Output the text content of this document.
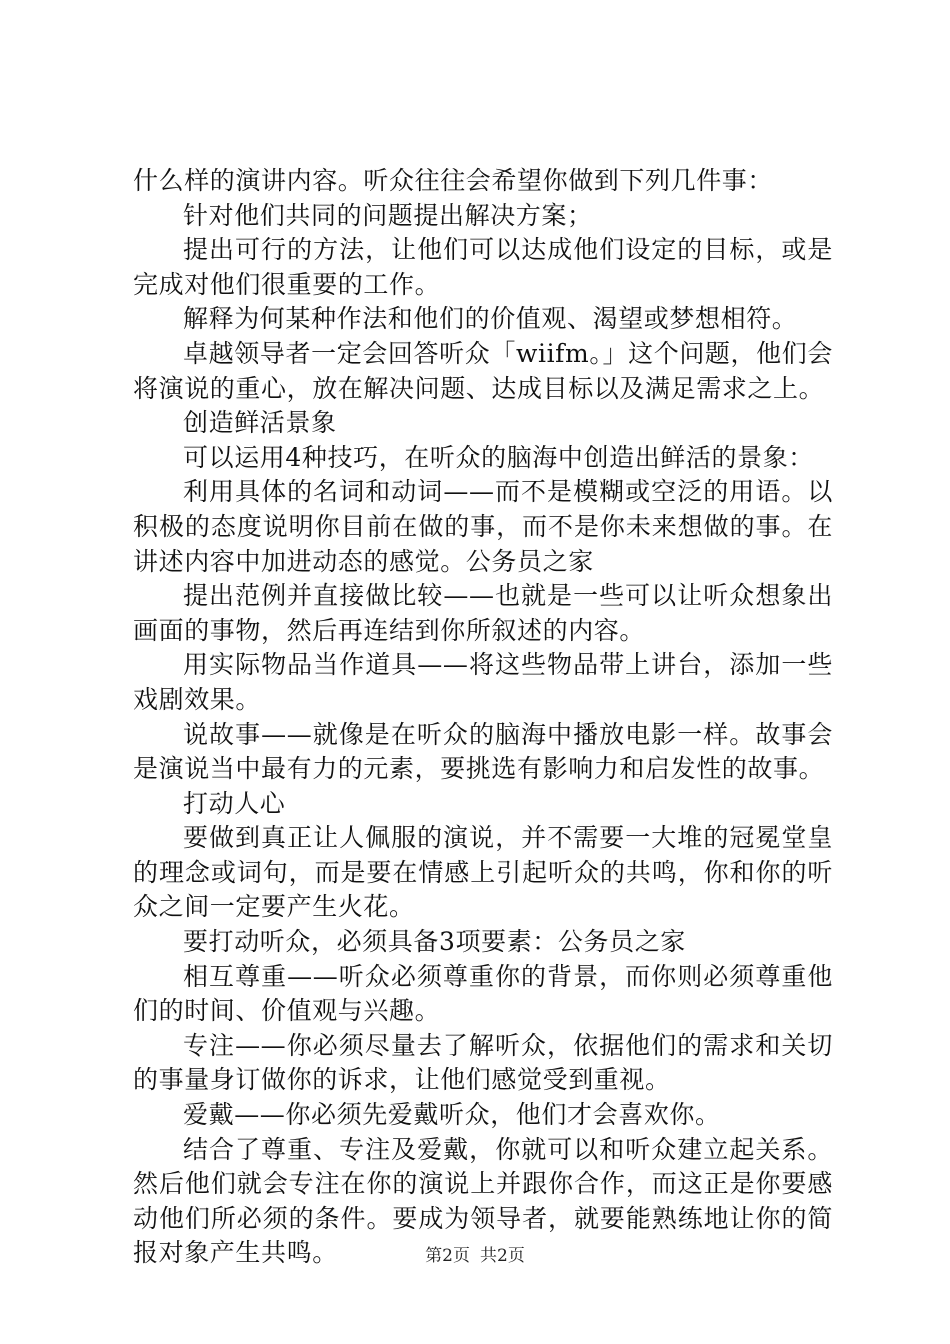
什么样的演讲内容。听众往往会希望你做到下列几件事：

针对他们共同的问题提出解决方案；

提出可行的方法，让他们可以达成他们设定的目标，或是完成对他们很重要的工作。

解释为何某种作法和他们的价值观、渴望或梦想相符。

卓越领导者一定会回答听众「wiifm。」这个问题，他们会将演说的重心，放在解决问题、达成目标以及满足需求之上。

创造鲜活景象

可以运用4种技巧，在听众的脑海中创造出鲜活的景象：

利用具体的名词和动词——而不是模糊或空泛的用语。以积极的态度说明你目前在做的事，而不是你未来想做的事。在讲述内容中加进动态的感觉。公务员之家

提出范例并直接做比较——也就是一些可以让听众想象出画面的事物，然后再连结到你所叙述的内容。

用实际物品当作道具——将这些物品带上讲台，添加一些戏剧效果。

说故事——就像是在听众的脑海中播放电影一样。故事会是演说当中最有力的元素，要挑选有影响力和启发性的故事。

打动人心

要做到真正让人佩服的演说，并不需要一大堆的冠冕堂皇的理念或词句，而是要在情感上引起听众的共鸣，你和你的听众之间一定要产生火花。

要打动听众，必须具备3项要素：公务员之家

相互尊重——听众必须尊重你的背景，而你则必须尊重他们的时间、价值观与兴趣。

专注——你必须尽量去了解听众，依据他们的需求和关切的事量身订做你的诉求，让他们感觉受到重视。

爱戴——你必须先爱戴听众，他们才会喜欢你。

结合了尊重、专注及爱戴，你就可以和听众建立起关系。然后他们就会专注在你的演说上并跟你合作，而这正是你要感动他们所必须的条件。要成为领导者，就要能熟练地让你的简报对象产生共鸣。	第2页 共2页
